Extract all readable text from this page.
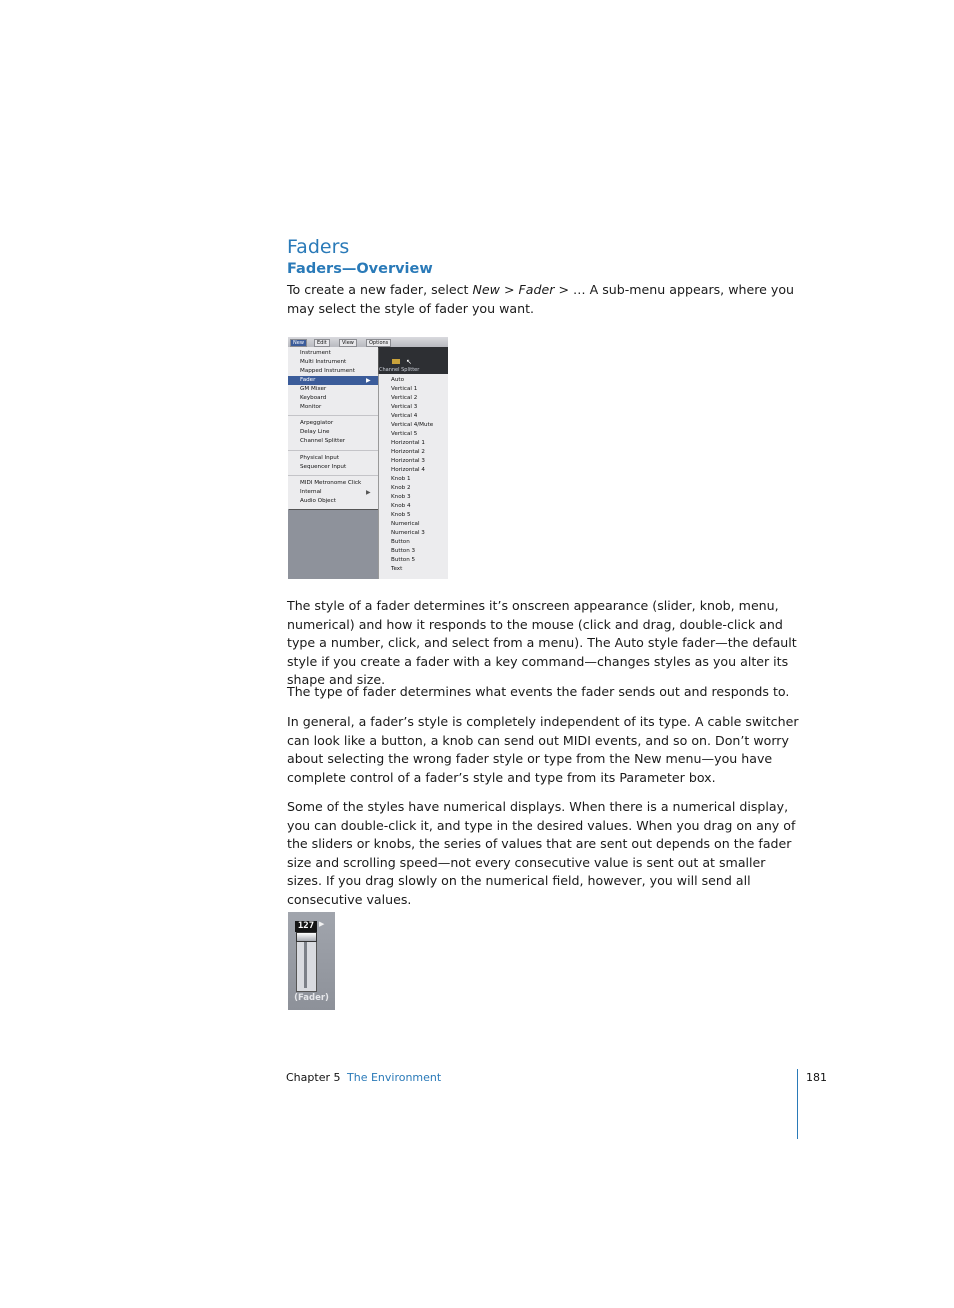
Faders
Faders—Overview

To create a new fader, select New > Fader > … A sub-menu appears, where you may select the style of fader you want.

New	Edit	View	Options
↖
Channel Splitter
Instrument
Multi Instrument
Mapped Instrument
Fader	▶
GM Mixer
Keyboard
Monitor
Arpeggiator
Delay Line
Channel Splitter
Physical Input
Sequencer Input
MIDI Metronome Click
Internal	▶
Audio Object
Auto
Vertical 1
Vertical 2
Vertical 3
Vertical 4
Vertical 4/Mute
Vertical 5
Horizontal 1
Horizontal 2
Horizontal 3
Horizontal 4
Knob 1
Knob 2
Knob 3
Knob 4
Knob 5
Numerical
Numerical 3
Button
Button 3
Button 5
Text

The style of a fader determines it’s onscreen appearance (slider, knob, menu, numerical) and how it responds to the mouse (click and drag, double-click and type a number, click, and select from a menu). The Auto style fader—the default style if you create a fader with a key command—changes styles as you alter its shape and size.

The type of fader determines what events the fader sends out and responds to.

In general, a fader’s style is completely independent of its type. A cable switcher can look like a button, a knob can send out MIDI events, and so on. Don’t worry about selecting the wrong fader style or type from the New menu—you have complete control of a fader’s style and type from its Parameter box.

Some of the styles have numerical displays. When there is a numerical display, you can double-click it, and type in the desired values. When you drag on any of the sliders or knobs, the series of values that are sent out depends on the fader size and scrolling speed—not every consecutive value is sent out at smaller sizes. If you drag slowly on the numerical field, however, you will send all consecutive values.

127 ▶
(Fader)
Chapter 5 The Environment	181
